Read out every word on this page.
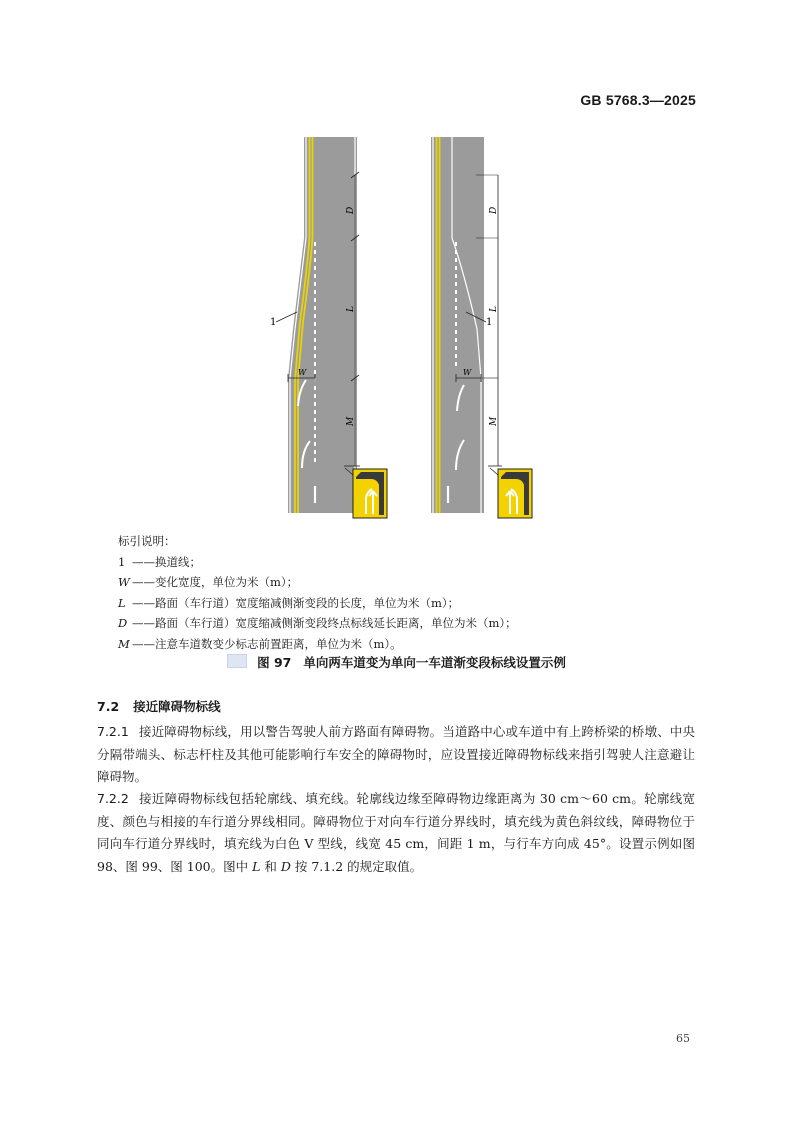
GB 5768.3—2025
1
W
D
L
M
1
W
D
L
M
标引说明：
1 ——换道线；
W ——变化宽度，单位为米（m）；
L ——路面（车行道）宽度缩减侧渐变段的长度，单位为米（m）；
D ——路面（车行道）宽度缩减侧渐变段终点标线延长距离，单位为米（m）；
M ——注意车道数变少标志前置距离，单位为米（m）。
图 97 单向两车道变为单向一车道渐变段标线设置示例
7.2 接近障碍物标线
7.2.1 接近障碍物标线，用以警告驾驶人前方路面有障碍物。当道路中心或车道中有上跨桥梁的桥墩、中央分隔带端头、标志杆柱及其他可能影响行车安全的障碍物时，应设置接近障碍物标线来指引驾驶人注意避让障碍物。
7.2.2 接近障碍物标线包括轮廓线、填充线。轮廓线边缘至障碍物边缘距离为 30 cm～60 cm。轮廓线宽度、颜色与相接的车行道分界线相同。障碍物位于对向车行道分界线时，填充线为黄色斜纹线，障碍物位于同向车行道分界线时，填充线为白色 V 型线，线宽 45 cm，间距 1 m，与行车方向成 45°。设置示例如图 98、图 99、图 100。图中 L 和 D 按 7.1.2 的规定取值。
65
